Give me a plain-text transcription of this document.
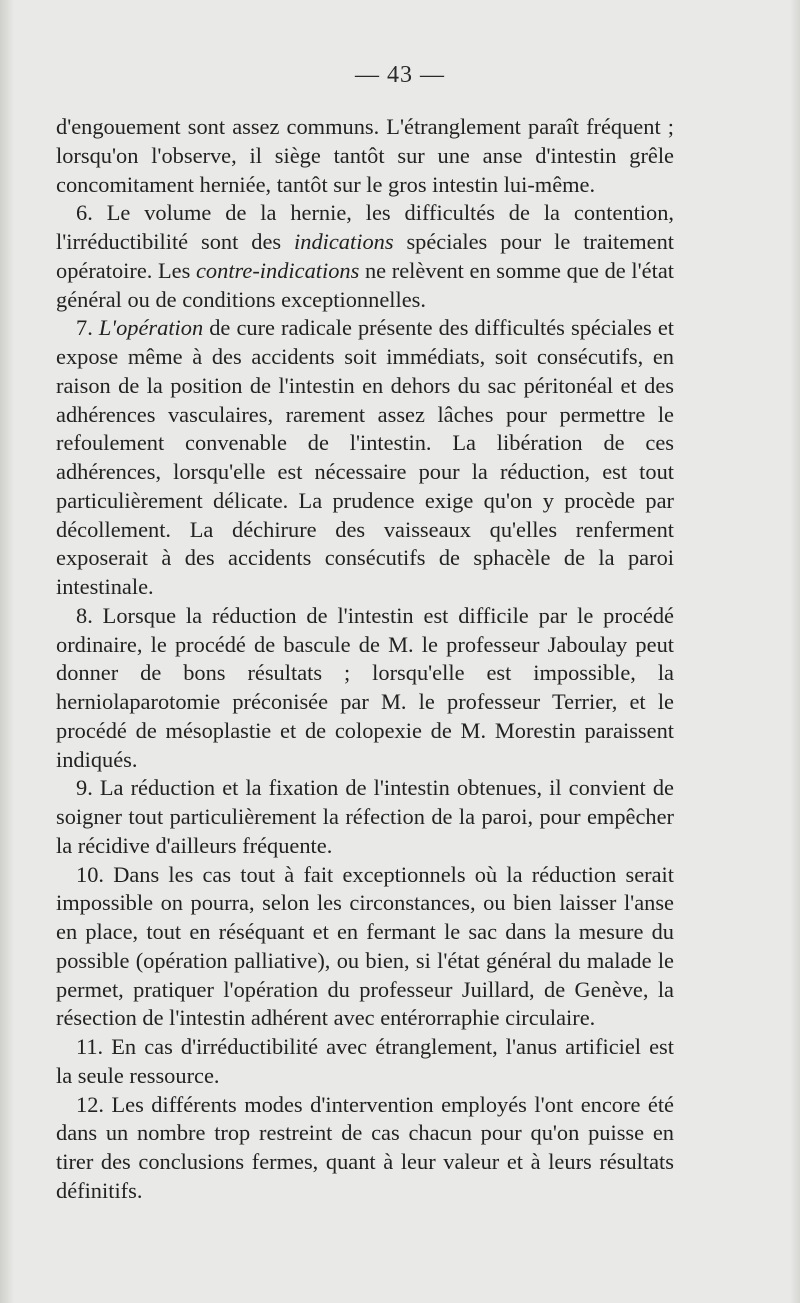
— 43 —

d'engouement sont assez communs. L'étranglement paraît fréquent ; lorsqu'on l'observe, il siège tantôt sur une anse d'intestin grêle concomitament herniée, tantôt sur le gros intestin lui-même.

6. Le volume de la hernie, les difficultés de la contention, l'irréductibilité sont des indications spéciales pour le traitement opératoire. Les contre-indications ne relèvent en somme que de l'état général ou de conditions exceptionnelles.

7. L'opération de cure radicale présente des difficultés spéciales et expose même à des accidents soit immédiats, soit consécutifs, en raison de la position de l'intestin en dehors du sac péritonéal et des adhérences vasculaires, rarement assez lâches pour permettre le refoulement convenable de l'intestin. La libération de ces adhérences, lorsqu'elle est nécessaire pour la réduction, est tout particulièrement délicate. La prudence exige qu'on y procède par décollement. La déchirure des vaisseaux qu'elles renferment exposerait à des accidents consécutifs de sphacèle de la paroi intestinale.

8. Lorsque la réduction de l'intestin est difficile par le procédé ordinaire, le procédé de bascule de M. le professeur Jaboulay peut donner de bons résultats ; lorsqu'elle est impossible, la herniolaparotomie préconisée par M. le professeur Terrier, et le procédé de mésoplastie et de colopexie de M. Morestin paraissent indiqués.

9. La réduction et la fixation de l'intestin obtenues, il convient de soigner tout particulièrement la réfection de la paroi, pour empêcher la récidive d'ailleurs fréquente.

10. Dans les cas tout à fait exceptionnels où la réduction serait impossible on pourra, selon les circonstances, ou bien laisser l'anse en place, tout en réséquant et en fermant le sac dans la mesure du possible (opération palliative), ou bien, si l'état général du malade le permet, pratiquer l'opération du professeur Juillard, de Genève, la résection de l'intestin adhérent avec entérorraphie circulaire.

11. En cas d'irréductibilité avec étranglement, l'anus artificiel est la seule ressource.

12. Les différents modes d'intervention employés l'ont encore été dans un nombre trop restreint de cas chacun pour qu'on puisse en tirer des conclusions fermes, quant à leur valeur et à leurs résultats définitifs.
